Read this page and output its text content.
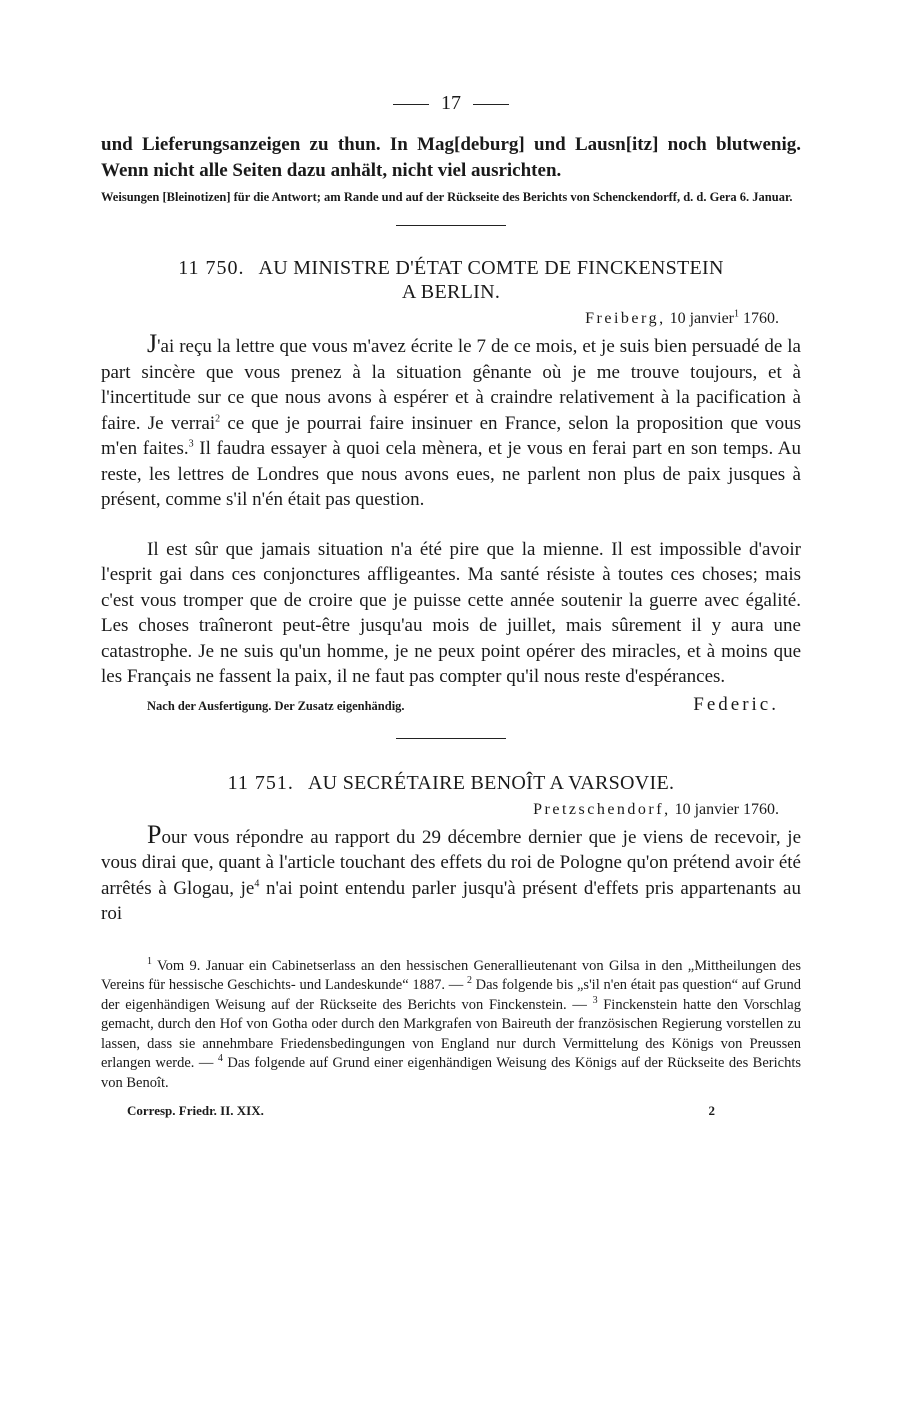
17

und Lieferungsanzeigen zu thun. In Mag[deburg] und Lausn[itz] noch blutwenig. Wenn nicht alle Seiten dazu anhält, nicht viel ausrichten.

Weisungen [Bleinotizen] für die Antwort; am Rande und auf der Rückseite des Berichts von Schenckendorff, d. d. Gera 6. Januar.

11 750. AU MINISTRE D'ÉTAT COMTE DE FINCKENSTEIN

A BERLIN.

Freiberg, 10 janvier$^1$ 1760.

J'ai reçu la lettre que vous m'avez écrite le 7 de ce mois, et je suis bien persuadé de la part sincère que vous prenez à la situation gênante où je me trouve toujours, et à l'incertitude sur ce que nous avons à espérer et à craindre relativement à la pacification à faire. Je verrai$^2$ ce que je pourrai faire insinuer en France, selon la proposition que vous m'en faites.$^3$ Il faudra essayer à quoi cela mènera, et je vous en ferai part en son temps. Au reste, les lettres de Londres que nous avons eues, ne parlent non plus de paix jusques à présent, comme s'il n'én était pas question.

Il est sûr que jamais situation n'a été pire que la mienne. Il est impossible d'avoir l'esprit gai dans ces conjonctures affligeantes. Ma santé résiste à toutes ces choses; mais c'est vous tromper que de croire que je puisse cette année soutenir la guerre avec égalité. Les choses traîneront peut-être jusqu'au mois de juillet, mais sûrement il y aura une catastrophe. Je ne suis qu'un homme, je ne peux point opérer des miracles, et à moins que les Français ne fassent la paix, il ne faut pas compter qu'il nous reste d'espérances.

Nach der Ausfertigung. Der Zusatz eigenhändig.	Federic.

11 751. AU SECRÉTAIRE BENOÎT A VARSOVIE.

Pretzschendorf, 10 janvier 1760.

Pour vous répondre au rapport du 29 décembre dernier que je viens de recevoir, je vous dirai que, quant à l'article touchant des effets du roi de Pologne qu'on prétend avoir été arrêtés à Glogau, $je^4$ n'ai point entendu parler jusqu'à présent d'effets pris appartenants au roi

$^1$ Vom 9. Januar ein Cabinetserlass an den hessischen Generallieutenant von Gilsa in den „Mittheilungen des Vereins für hessische Geschichts- und Landeskunde“ 1887. — $^2$ Das folgende bis „s'il n'en était pas question“ auf Grund der eigenhändigen Weisung auf der Rückseite des Berichts von Finckenstein. — $^3$ Finckenstein hatte den Vorschlag gemacht, durch den Hof von Gotha oder durch den Markgrafen von Baireuth der französischen Regierung vorstellen zu lassen, dass sie annehmbare Friedensbedingungen von England nur durch Vermittelung des Königs von Preussen erlangen werde. — $^4$ Das folgende auf Grund einer eigenhändigen Weisung des Königs auf der Rückseite des Berichts von Benoît.

Corresp. Friedr. II. XIX.	2
